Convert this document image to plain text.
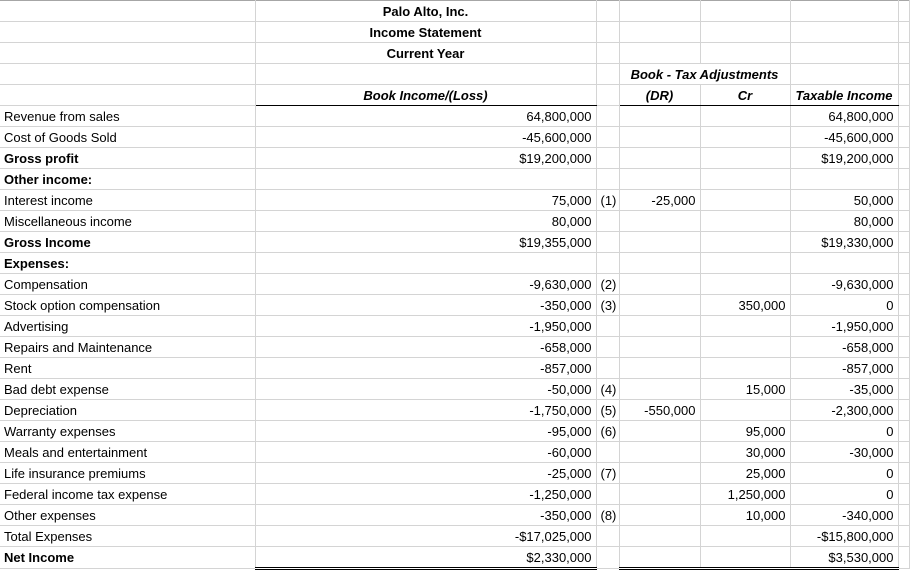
	Palo Alto, Inc.					
	Income Statement					
	Current Year					
			Book - Tax Adjustments			
	Book Income/(Loss)		(DR)	Cr	Taxable Income	
Revenue from sales	64,800,000				64,800,000	
Cost of Goods Sold	-45,600,000				-45,600,000	
Gross profit	$19,200,000				$19,200,000	
Other income:						
Interest income	75,000	(1)	-25,000		50,000	
Miscellaneous income	80,000				80,000	
Gross Income	$19,355,000				$19,330,000	
Expenses:						
Compensation	-9,630,000	(2)			-9,630,000	
Stock option compensation	-350,000	(3)		350,000	0	
Advertising	-1,950,000				-1,950,000	
Repairs and Maintenance	-658,000				-658,000	
Rent	-857,000				-857,000	
Bad debt expense	-50,000	(4)		15,000	-35,000	
Depreciation	-1,750,000	(5)	-550,000		-2,300,000	
Warranty expenses	-95,000	(6)		95,000	0	
Meals and entertainment	-60,000			30,000	-30,000	
Life insurance premiums	-25,000	(7)		25,000	0	
Federal income tax expense	-1,250,000			1,250,000	0	
Other expenses	-350,000	(8)		10,000	-340,000	
Total Expenses	-$17,025,000				-$15,800,000	
Net Income	$2,330,000				$3,530,000	
